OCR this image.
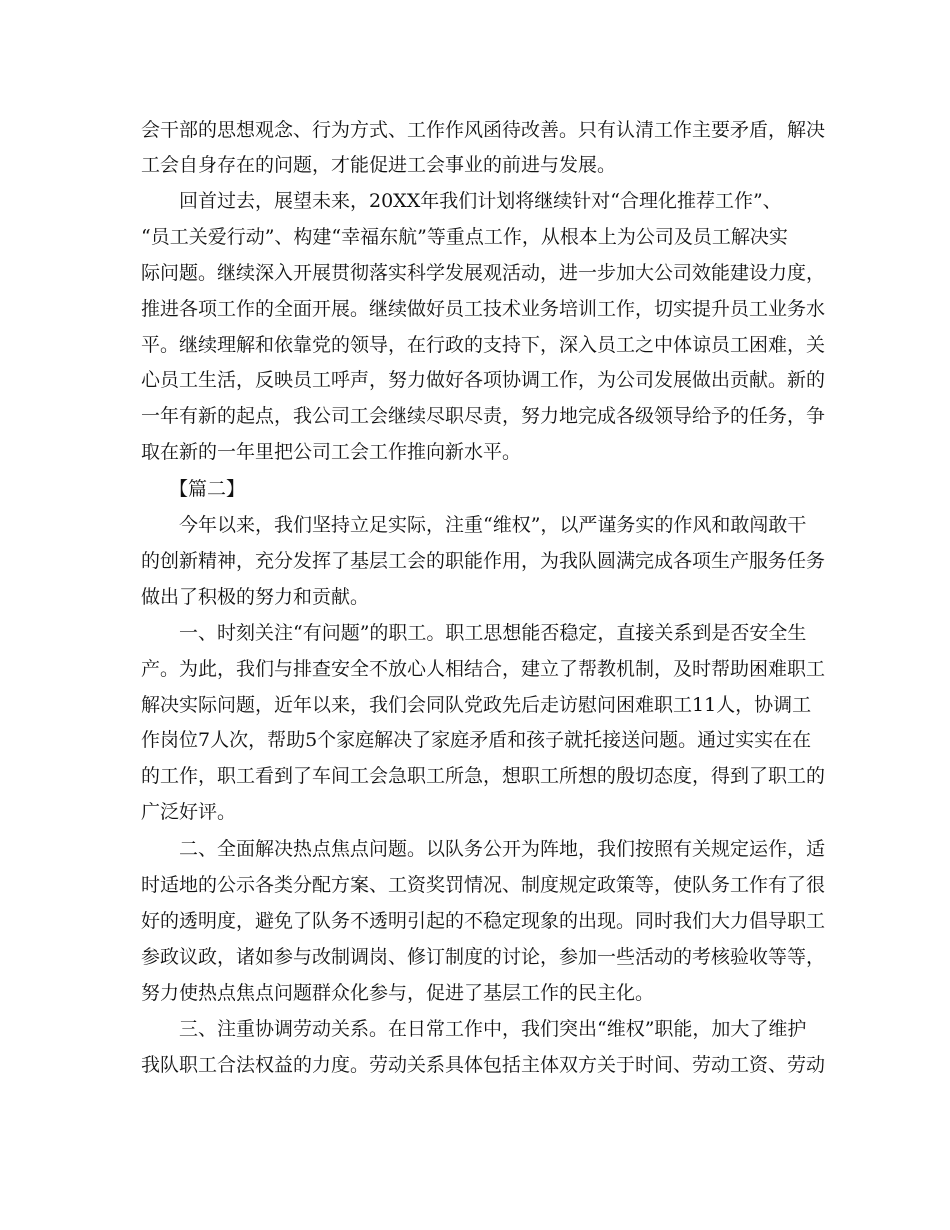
会干部的思想观念、行为方式、工作作风函待改善。只有认清工作主要矛盾，解决
工会自身存在的问题，才能促进工会事业的前进与发展。
回首过去，展望未来，20XX年我们计划将继续针对“合理化推荐工作”、
“员工关爱行动”、构建“幸福东航”等重点工作，从根本上为公司及员工解决实
际问题。继续深入开展贯彻落实科学发展观活动，进一步加大公司效能建设力度，
推进各项工作的全面开展。继续做好员工技术业务培训工作，切实提升员工业务水
平。继续理解和依靠党的领导，在行政的支持下，深入员工之中体谅员工困难，关
心员工生活，反映员工呼声，努力做好各项协调工作，为公司发展做出贡献。新的
一年有新的起点，我公司工会继续尽职尽责，努力地完成各级领导给予的任务，争
取在新的一年里把公司工会工作推向新水平。
【篇二】
今年以来，我们坚持立足实际，注重“维权”，以严谨务实的作风和敢闯敢干
的创新精神，充分发挥了基层工会的职能作用，为我队圆满完成各项生产服务任务
做出了积极的努力和贡献。
一、时刻关注“有问题”的职工。职工思想能否稳定，直接关系到是否安全生
产。为此，我们与排查安全不放心人相结合，建立了帮教机制，及时帮助困难职工
解决实际问题，近年以来，我们会同队党政先后走访慰问困难职工11人，协调工
作岗位7人次，帮助5个家庭解决了家庭矛盾和孩子就托接送问题。通过实实在在
的工作，职工看到了车间工会急职工所急，想职工所想的殷切态度，得到了职工的
广泛好评。
二、全面解决热点焦点问题。以队务公开为阵地，我们按照有关规定运作，适
时适地的公示各类分配方案、工资奖罚情况、制度规定政策等，使队务工作有了很
好的透明度，避免了队务不透明引起的不稳定现象的出现。同时我们大力倡导职工
参政议政，诸如参与改制调岗、修订制度的讨论，参加一些活动的考核验收等等，
努力使热点焦点问题群众化参与，促进了基层工作的民主化。
三、注重协调劳动关系。在日常工作中，我们突出“维权”职能，加大了维护
我队职工合法权益的力度。劳动关系具体包括主体双方关于时间、劳动工资、劳动
